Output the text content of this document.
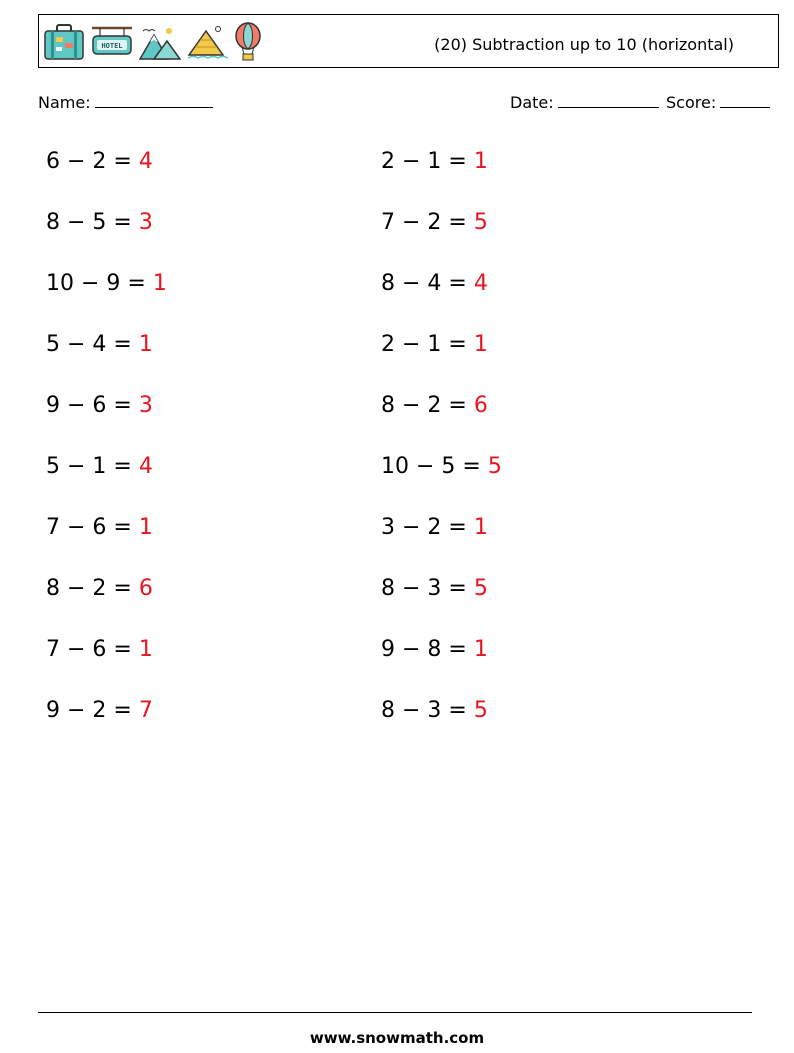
HOTEL	(20) Subtraction up to 10 (horizontal)
Name:	Date:	Score:
6 − 2 = 4
8 − 5 = 3
10 − 9 = 1
5 − 4 = 1
9 − 6 = 3
5 − 1 = 4
7 − 6 = 1
8 − 2 = 6
7 − 6 = 1
9 − 2 = 7
2 − 1 = 1
7 − 2 = 5
8 − 4 = 4
2 − 1 = 1
8 − 2 = 6
10 − 5 = 5
3 − 2 = 1
8 − 3 = 5
9 − 8 = 1
8 − 3 = 5
www.snowmath.com
